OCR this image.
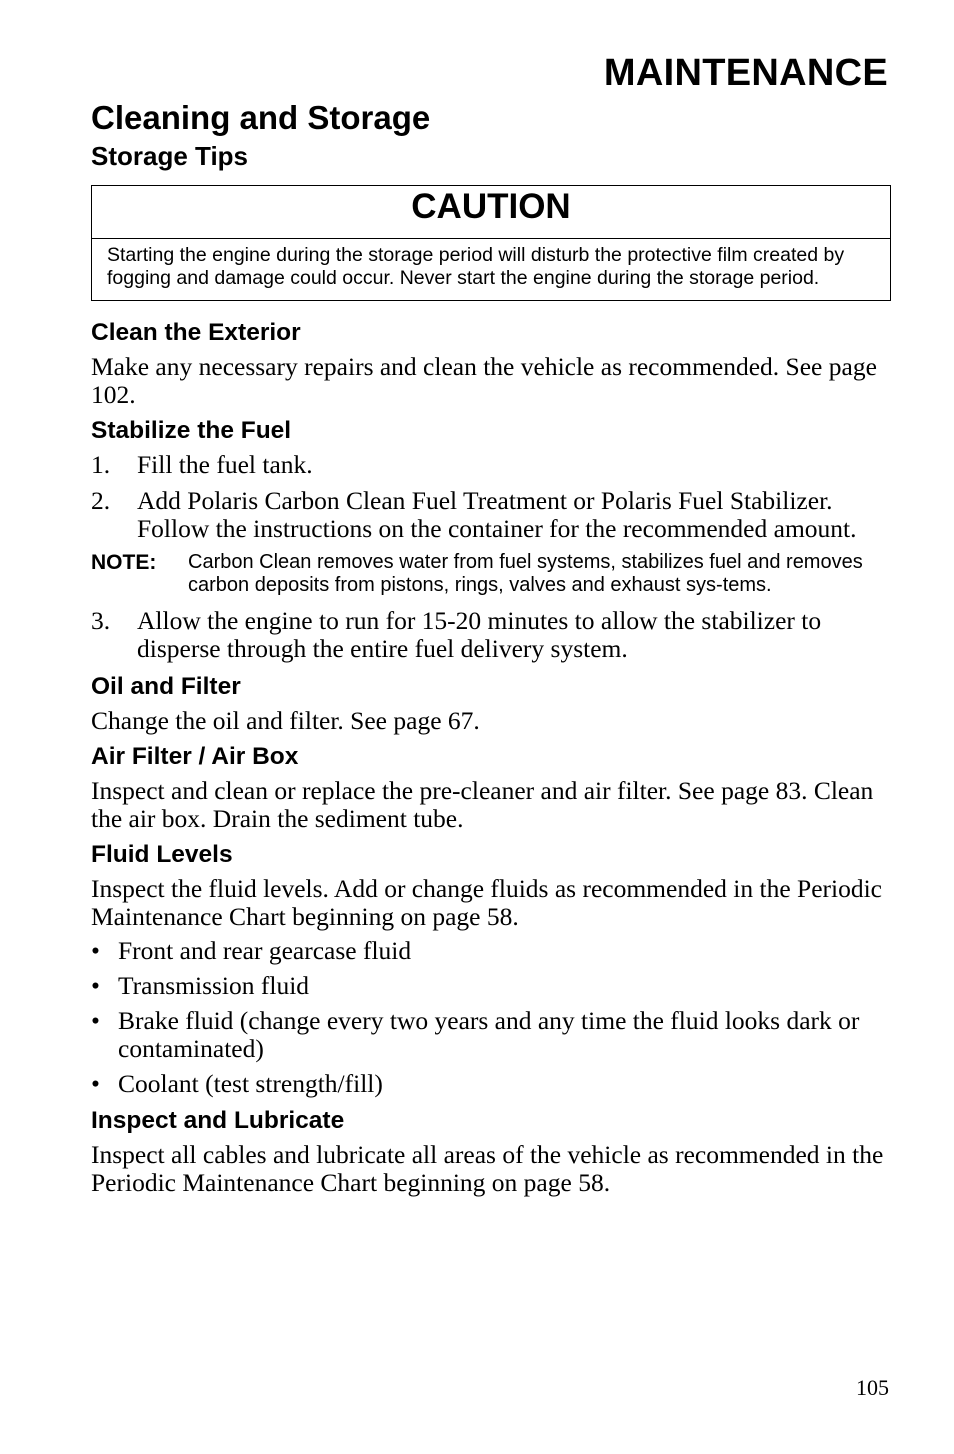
MAINTENANCE
Cleaning and Storage
Storage Tips
CAUTION
Starting the engine during the storage period will disturb the protective film created by fogging and damage could occur. Never start the engine during the storage period.
Clean the Exterior

Make any necessary repairs and clean the vehicle as recommended. See page 102.

Stabilize the Fuel
1.	Fill the fuel tank.
2.	Add Polaris Carbon Clean Fuel Treatment or Polaris Fuel Stabilizer. Follow the instructions on the container for the recommended amount.
NOTE:	Carbon Clean removes water from fuel systems, stabilizes fuel and removes carbon deposits from pistons, rings, valves and exhaust sys-tems.
3.	Allow the engine to run for 15-20 minutes to allow the stabilizer to disperse through the entire fuel delivery system.
Oil and Filter

Change the oil and filter. See page 67.

Air Filter / Air Box

Inspect and clean or replace the pre-cleaner and air filter. See page 83. Clean the air box. Drain the sediment tube.

Fluid Levels

Inspect the fluid levels. Add or change fluids as recommended in the Periodic Maintenance Chart beginning on page 58.

• Front and rear gearcase fluid
• Transmission fluid
• Brake fluid (change every two years and any time the fluid looks dark or contaminated)
• Coolant (test strength/fill)
Inspect and Lubricate

Inspect all cables and lubricate all areas of the vehicle as recommended in the Periodic Maintenance Chart beginning on page 58.

105
